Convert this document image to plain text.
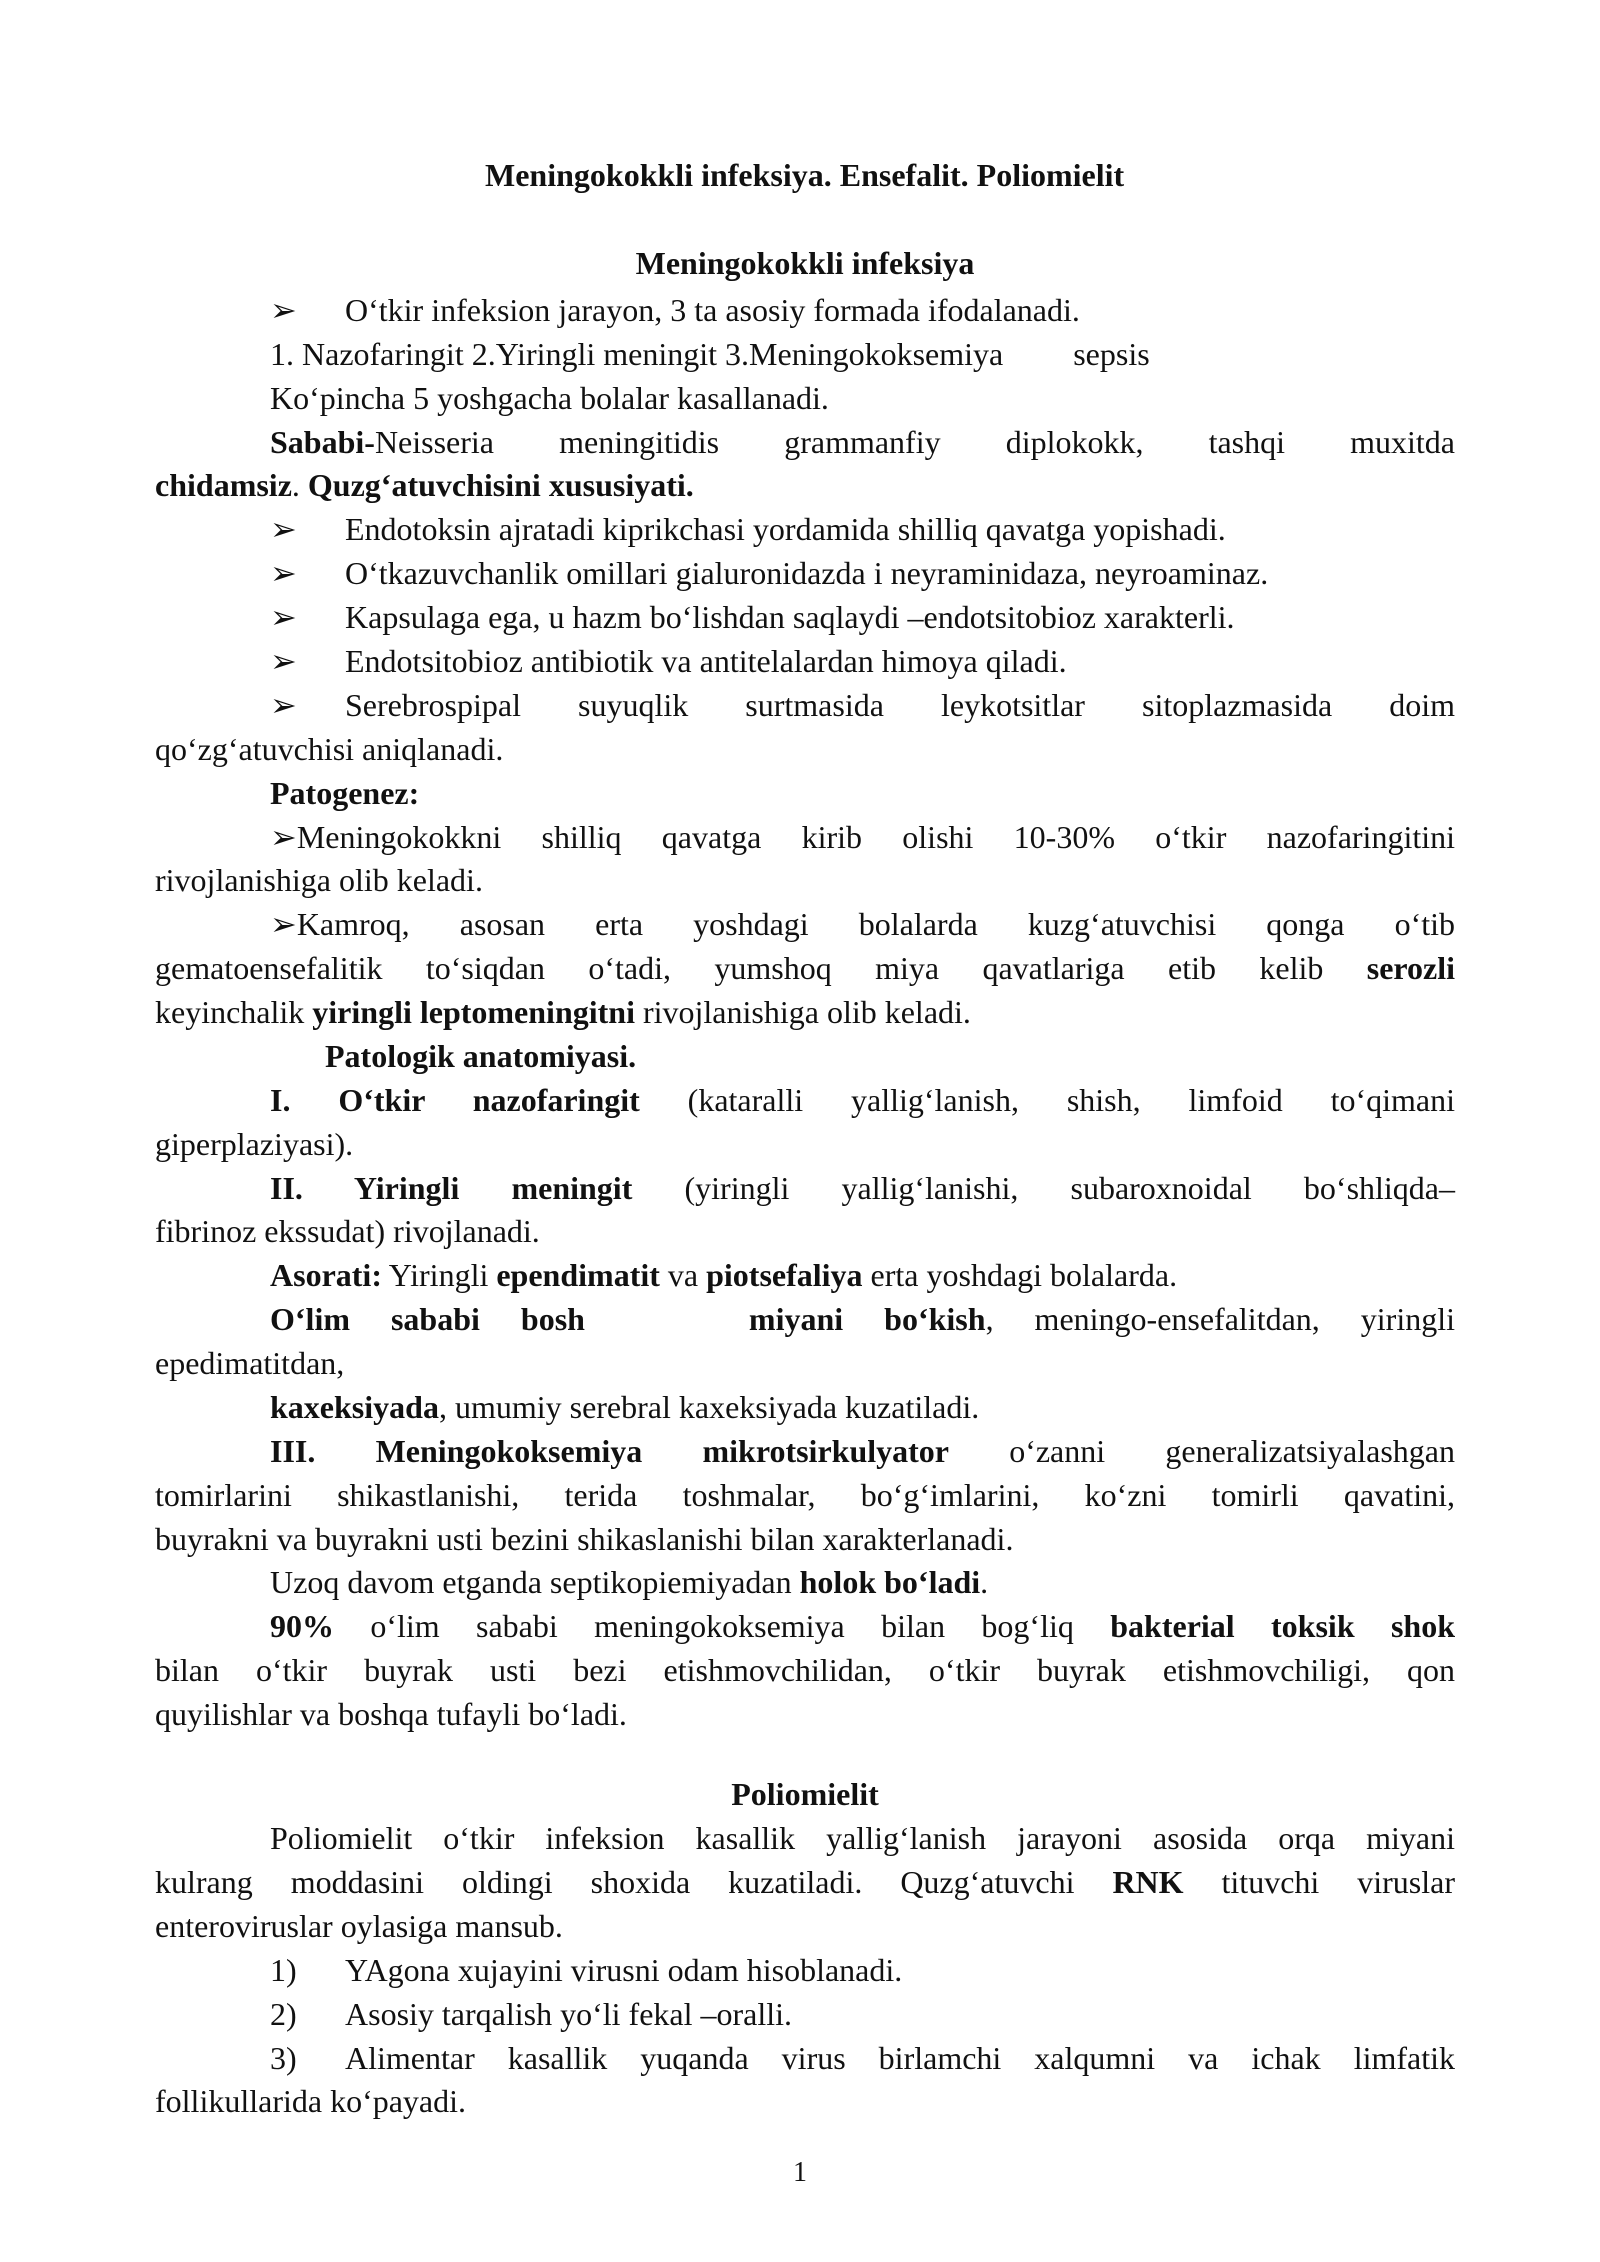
Meningokokkli infeksiya. Ensefalit. Poliomielit
Meningokokkli infeksiya
➢ O‘tkir infeksion jarayon, 3 ta asosiy formada ifodalanadi.
1. Nazofaringit 2.Yiringli meningit 3.Meningokoksemiya sepsis
Ko‘pincha 5 yoshgacha bolalar kasallanadi.
Sababi-Neisseria meningitidis grammanfiy diplokokk, tashqi muxitda
chidamsiz. Quzg‘atuvchisini xususiyati.
➢ Endotoksin ajratadi kiprikchasi yordamida shilliq qavatga yopishadi.
➢ O‘tkazuvchanlik omillari gialuronidazda i neyraminidaza, neyroaminaz.
➢ Kapsulaga ega, u hazm bo‘lishdan saqlaydi –endotsitobioz xarakterli.
➢ Endotsitobioz antibiotik va antitelalardan himoya qiladi.
➢ Serebrospipal suyuqlik surtmasida leykotsitlar sitoplazmasida doim
qo‘zg‘atuvchisi aniqlanadi.
Patogenez:
➢Meningokokkni shilliq qavatga kirib olishi 10-30% o‘tkir nazofaringitini
rivojlanishiga olib keladi.
➢Kamroq, asosan erta yoshdagi bolalarda kuzg‘atuvchisi qonga o‘tib
gematoensefalitik to‘siqdan o‘tadi, yumshoq miya qavatlariga etib kelib serozli
keyinchalik yiringli leptomeningitni rivojlanishiga olib keladi.
Patologik anatomiyasi.
I. O‘tkir nazofaringit (kataralli yallig‘lanish, shish, limfoid to‘qimani
giperplaziyasi).
II. Yiringli meningit (yiringli yallig‘lanishi, subaroxnoidal bo‘shliqda–
fibrinoz ekssudat) rivojlanadi.
Asorati: Yiringli ependimatit va piotsefaliya erta yoshdagi bolalarda.
O‘lim sababi bosh    miyani bo‘kish, meningo-ensefalitdan, yiringli
epedimatitdan,
kaxeksiyada, umumiy serebral kaxeksiyada kuzatiladi.
III. Meningokoksemiya mikrotsirkulyator o‘zanni generalizatsiyalashgan
tomirlarini shikastlanishi, terida toshmalar, bo‘g‘imlarini, ko‘zni tomirli qavatini,
buyrakni va buyrakni usti bezini shikaslanishi bilan xarakterlanadi.
Uzoq davom etganda septikopiemiyadan holok bo‘ladi.
90% o‘lim sababi meningokoksemiya bilan bog‘liq bakterial toksik shok
bilan o‘tkir buyrak usti bezi etishmovchilidan, o‘tkir buyrak etishmovchiligi, qon
quyilishlar va boshqa tufayli bo‘ladi.
Poliomielit
Poliomielit o‘tkir infeksion kasallik yallig‘lanish jarayoni asosida orqa miyani
kulrang moddasini oldingi shoxida kuzatiladi. Quzg‘atuvchi RNK tituvchi viruslar
enteroviruslar oylasiga mansub.
1) YAgona xujayini virusni odam hisoblanadi.
2) Asosiy tarqalish yo‘li fekal –oralli.
3) Alimentar kasallik yuqanda virus birlamchi xalqumni va ichak limfatik
follikullarida ko‘payadi.
1
